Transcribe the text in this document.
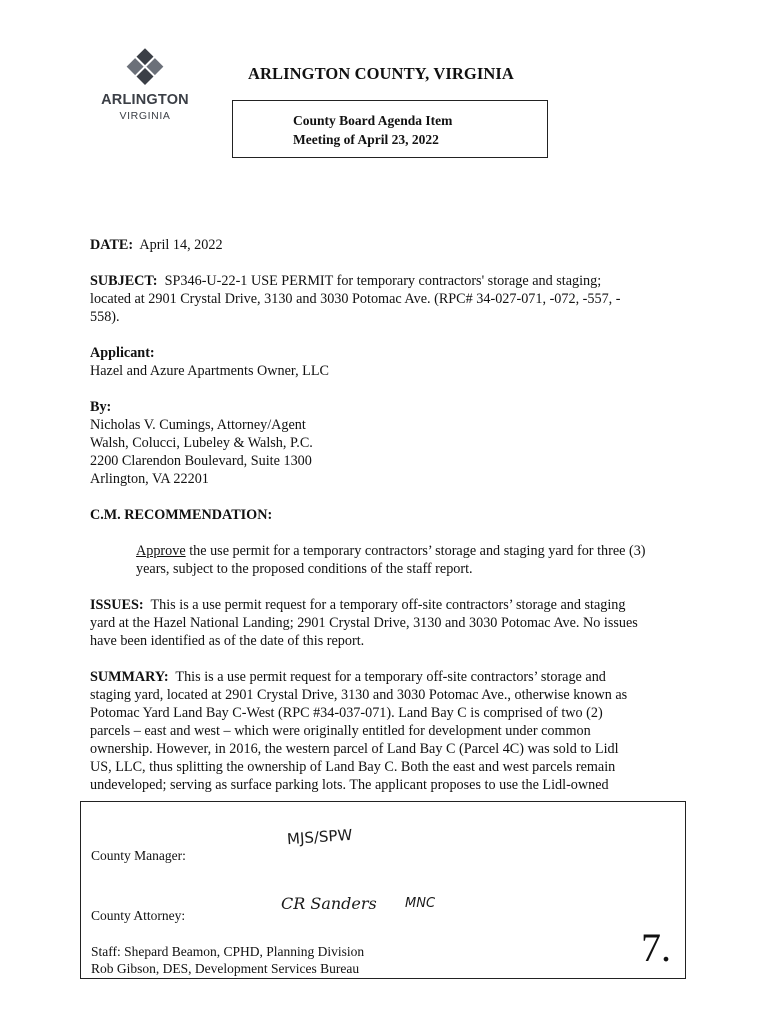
ARLINGTON
VIRGINIA
ARLINGTON COUNTY, VIRGINIA
County Board Agenda Item
Meeting of April 23, 2022
DATE: April 14, 2022
SUBJECT: SP346-U-22-1 USE PERMIT for temporary contractors' storage and staging;
located at 2901 Crystal Drive, 3130 and 3030 Potomac Ave. (RPC# 34-027-071, -072, -557, -
558).
Applicant:
Hazel and Azure Apartments Owner, LLC
By:
Nicholas V. Cumings, Attorney/Agent
Walsh, Colucci, Lubeley & Walsh, P.C.
2200 Clarendon Boulevard, Suite 1300
Arlington, VA 22201
C.M. RECOMMENDATION:
Approve the use permit for a temporary contractors’ storage and staging yard for three (3)
years, subject to the proposed conditions of the staff report.
ISSUES: This is a use permit request for a temporary off-site contractors’ storage and staging
yard at the Hazel National Landing; 2901 Crystal Drive, 3130 and 3030 Potomac Ave. No issues
have been identified as of the date of this report.
SUMMARY: This is a use permit request for a temporary off-site contractors’ storage and
staging yard, located at 2901 Crystal Drive, 3130 and 3030 Potomac Ave., otherwise known as
Potomac Yard Land Bay C-West (RPC #34-037-071). Land Bay C is comprised of two (2)
parcels – east and west – which were originally entitled for development under common
ownership. However, in 2016, the western parcel of Land Bay C (Parcel 4C) was sold to Lidl
US, LLC, thus splitting the ownership of Land Bay C. Both the east and west parcels remain
undeveloped; serving as surface parking lots. The applicant proposes to use the Lidl-owned
MJS/SPW
County Manager:
CR Sanders MNC
County Attorney:
Staff: Shepard Beamon, CPHD, Planning Division
Rob Gibson, DES, Development Services Bureau	7.
